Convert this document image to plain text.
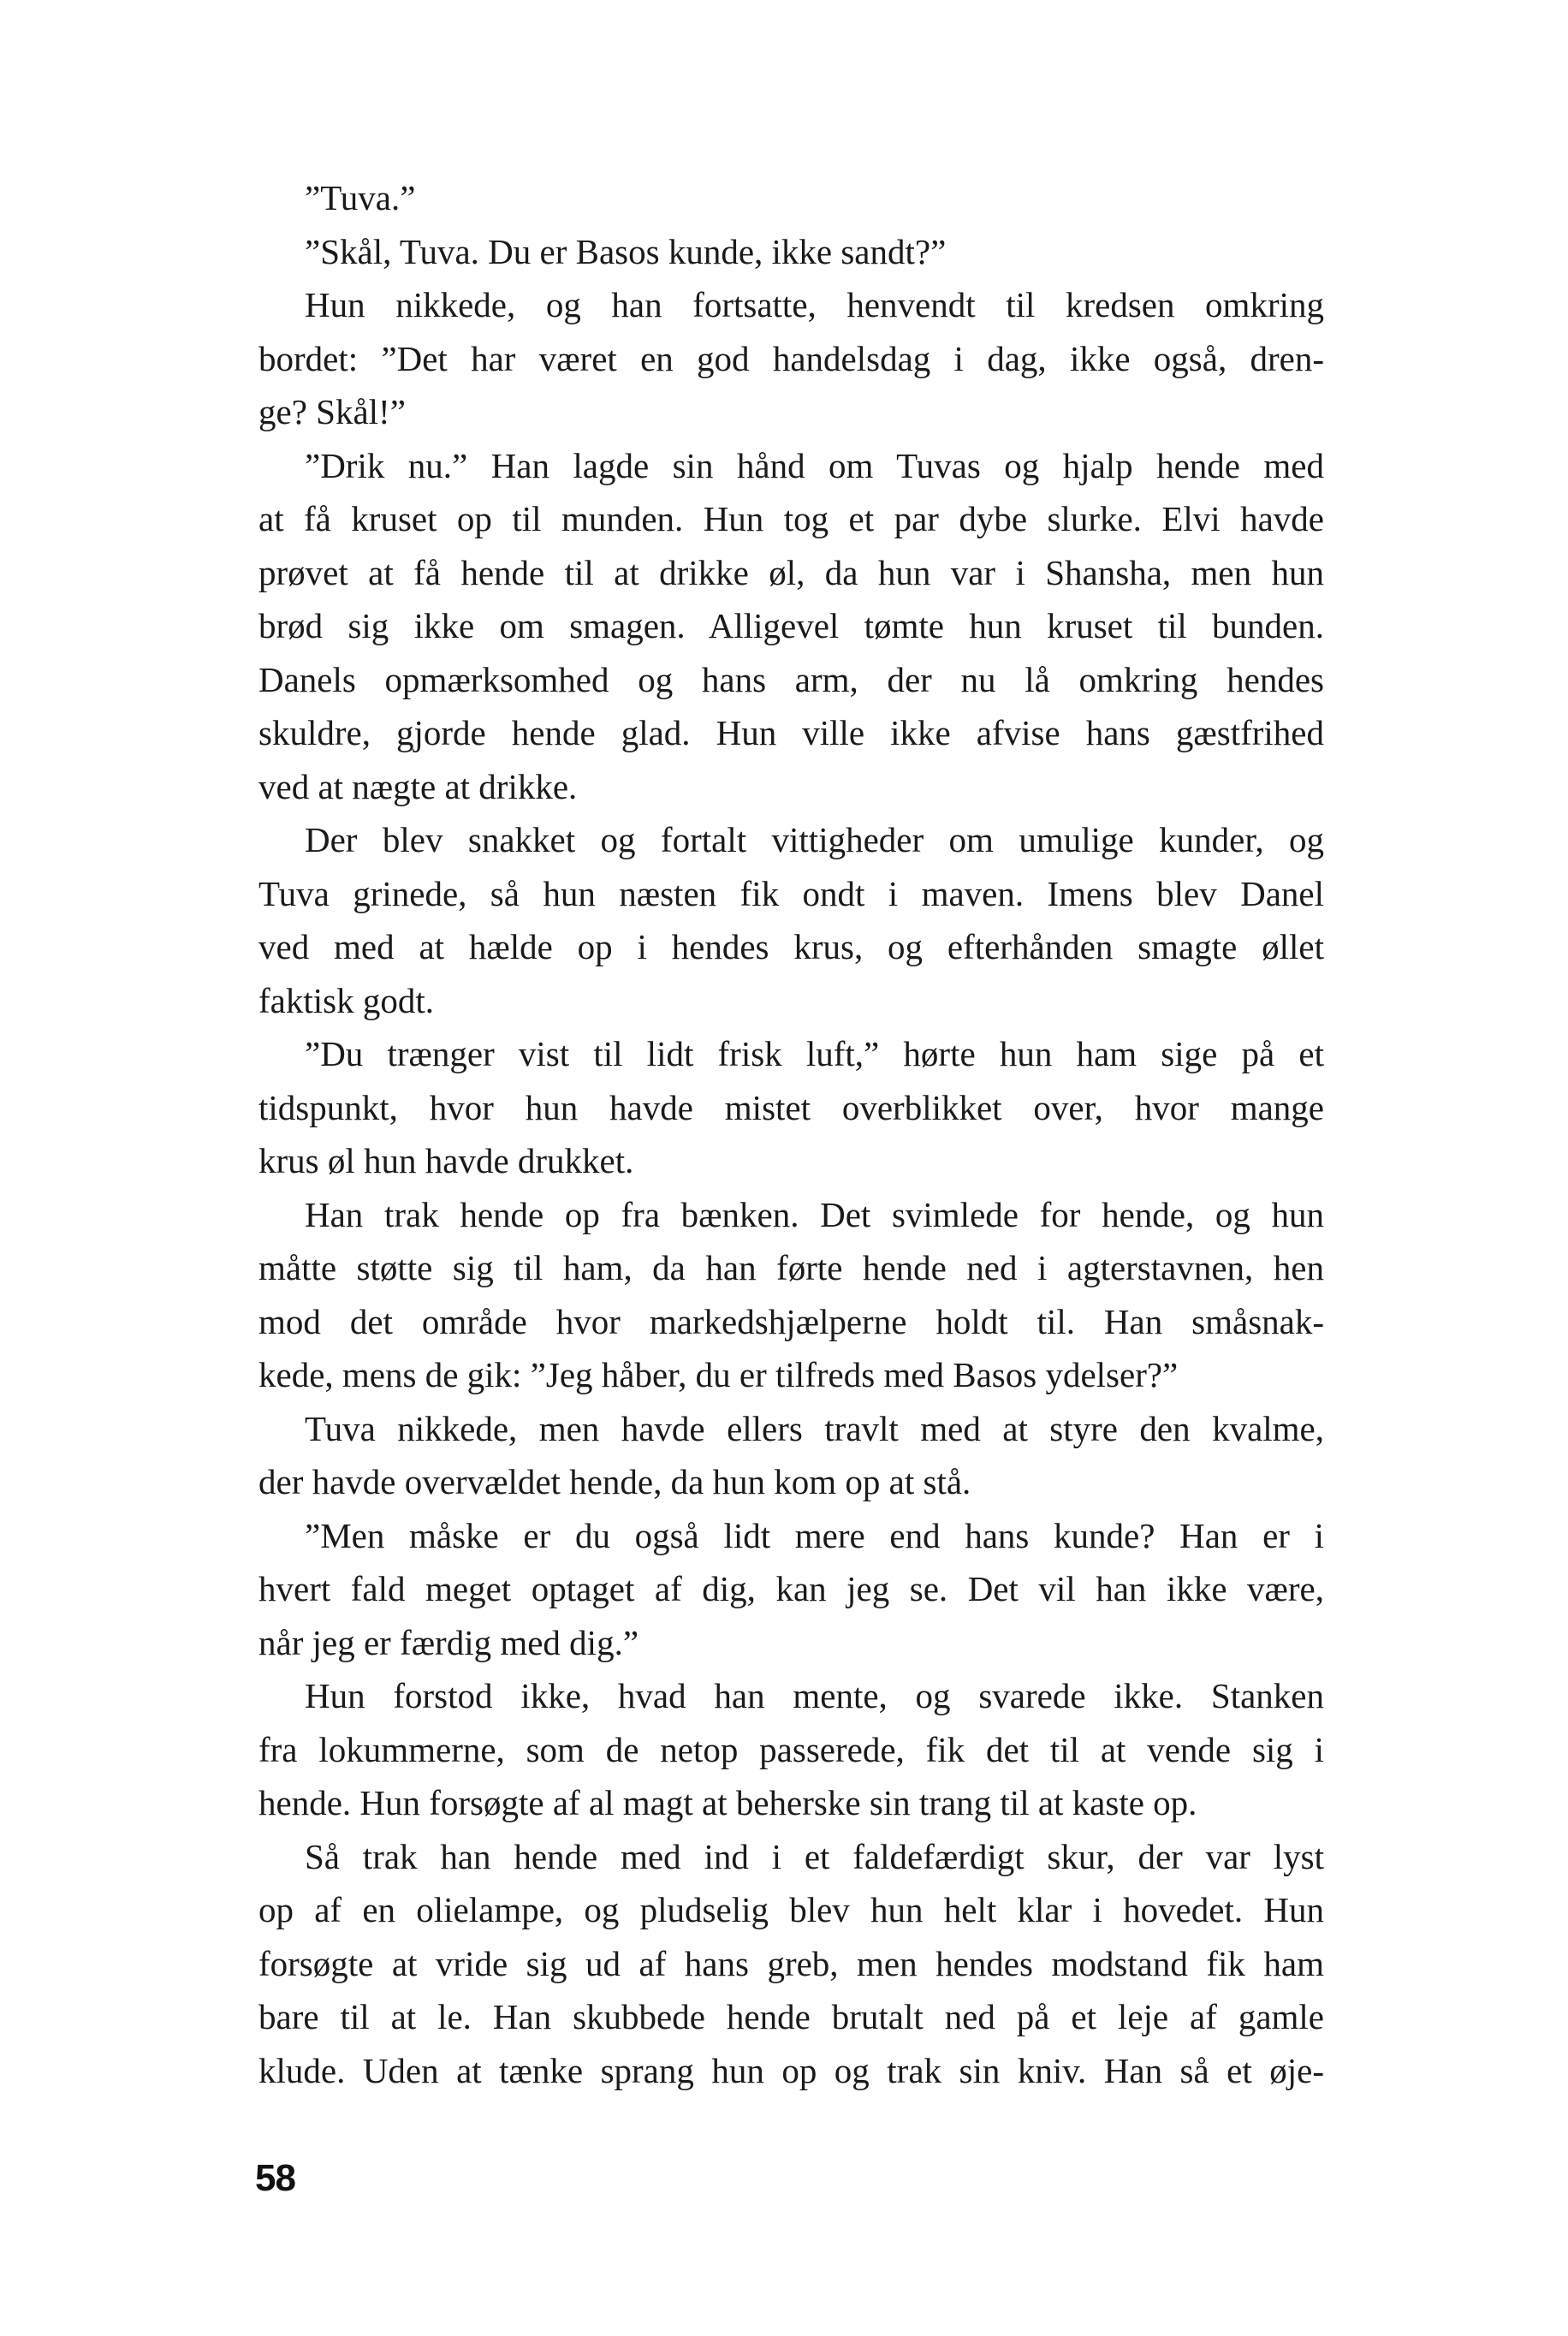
”Tuva.”
”Skål, Tuva. Du er Basos kunde, ikke sandt?”
Hun nikkede, og han fortsatte, henvendt til kredsen omkring
bordet: ”Det har været en god handelsdag i dag, ikke også, dren-
ge? Skål!”
”Drik nu.” Han lagde sin hånd om Tuvas og hjalp hende med
at få kruset op til munden. Hun tog et par dybe slurke. Elvi havde
prøvet at få hende til at drikke øl, da hun var i Shansha, men hun
brød sig ikke om smagen. Alligevel tømte hun kruset til bunden.
Danels opmærksomhed og hans arm, der nu lå omkring hendes
skuldre, gjorde hende glad. Hun ville ikke afvise hans gæstfrihed
ved at nægte at drikke.
Der blev snakket og fortalt vittigheder om umulige kunder, og
Tuva grinede, så hun næsten fik ondt i maven. Imens blev Danel
ved med at hælde op i hendes krus, og efterhånden smagte øllet
faktisk godt.
”Du trænger vist til lidt frisk luft,” hørte hun ham sige på et
tidspunkt, hvor hun havde mistet overblikket over, hvor mange
krus øl hun havde drukket.
Han trak hende op fra bænken. Det svimlede for hende, og hun
måtte støtte sig til ham, da han førte hende ned i agterstavnen, hen
mod det område hvor markedshjælperne holdt til. Han småsnak-
kede, mens de gik: ”Jeg håber, du er tilfreds med Basos ydelser?”
Tuva nikkede, men havde ellers travlt med at styre den kvalme,
der havde overvældet hende, da hun kom op at stå.
”Men måske er du også lidt mere end hans kunde? Han er i
hvert fald meget optaget af dig, kan jeg se. Det vil han ikke være,
når jeg er færdig med dig.”
Hun forstod ikke, hvad han mente, og svarede ikke. Stanken
fra lokummerne, som de netop passerede, fik det til at vende sig i
hende. Hun forsøgte af al magt at beherske sin trang til at kaste op.
Så trak han hende med ind i et faldefærdigt skur, der var lyst
op af en olielampe, og pludselig blev hun helt klar i hovedet. Hun
forsøgte at vride sig ud af hans greb, men hendes modstand fik ham
bare til at le. Han skubbede hende brutalt ned på et leje af gamle
klude. Uden at tænke sprang hun op og trak sin kniv. Han så et øje-
58
